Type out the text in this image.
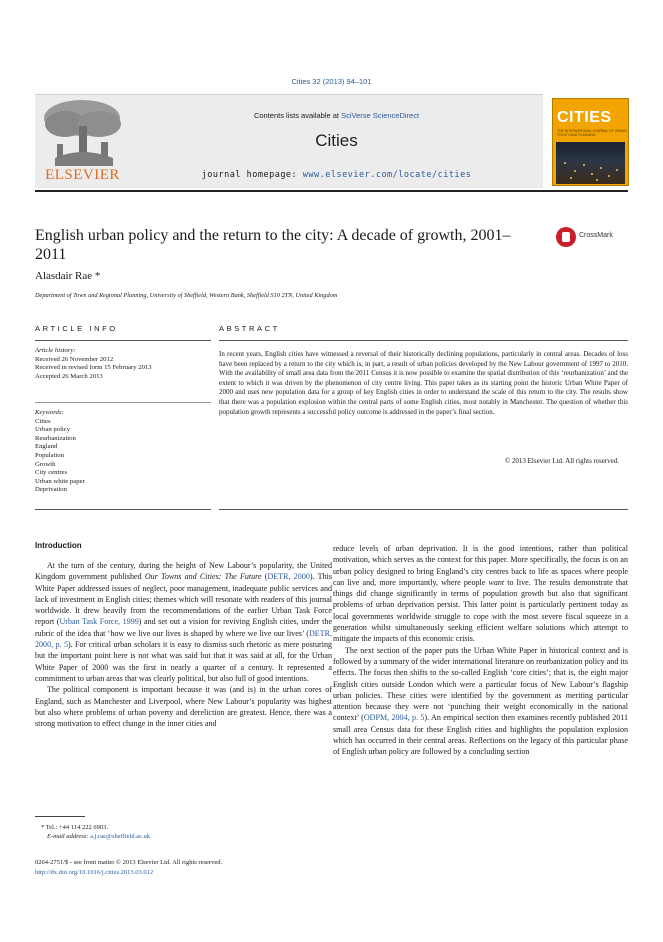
Cities 32 (2013) 94–101
ELSEVIER
Contents lists available at SciVerse ScienceDirect
Cities
journal homepage: www.elsevier.com/locate/cities
CITIES
THE INTERNATIONAL JOURNAL OF URBAN POLICY AND PLANNING
English urban policy and the return to the city: A decade of growth, 2001–2011
CrossMark
Alasdair Rae *
Department of Town and Regional Planning, University of Sheffield, Western Bank, Sheffield S10 2TN, United Kingdom
ARTICLE INFO	ABSTRACT
Article history:
Received 26 November 2012
Received in revised form 15 February 2013
Accepted 26 March 2013
Keywords:
Cities
Urban policy
Reurbanization
England
Population
Growth
City centres
Urban white paper
Deprivation
In recent years, English cities have witnessed a reversal of their historically declining populations, particularly in central areas. Decades of loss have been replaced by a return to the city which is, in part, a result of urban policies developed by the New Labour government of 1997 to 2010. With the availability of small area data from the 2011 Census it is now possible to examine the spatial distribution of this ‘reurbanization’ and the extent to which it was driven by the phenomenon of city centre living. This paper takes as its starting point the historic Urban White Paper of 2000 and uses new population data for a group of key English cities in order to understand the scale of this return to the city. The results show that there was a population explosion within the central parts of some English cities, most notably in Manchester. The question of whether this population growth represents a successful policy outcome is addressed in the paper’s final section.
© 2013 Elsevier Ltd. All rights reserved.
Introduction

At the turn of the century, during the height of New Labour’s popularity, the United Kingdom government published Our Towns and Cities: The Future (DETR, 2000). This White Paper addressed issues of neglect, poor management, inadequate public services and lack of investment in English cities; themes which will resonate with readers of this journal worldwide. It drew heavily from the recommendations of the earlier Urban Task Force report (Urban Task Force, 1999) and set out a vision for reviving English cities, under the rubric of the idea that ‘how we live our lives is shaped by where we live our lives’ (DETR, 2000, p. 5). For critical urban scholars it is easy to dismiss such rhetoric as mere posturing but the important point here is not what was said but that it was said at all, for the Urban White Paper of 2000 was the first in nearly a quarter of a century. It represented a commitment to urban areas that was clearly political, but also full of good intentions.

The political component is important because it was (and is) in the urban cores of England, such as Manchester and Liverpool, where New Labour’s popularity was highest but also where problems of urban poverty and dereliction are greatest. Hence, there was a strong motivation to effect change in the inner cities and

reduce levels of urban deprivation. It is the good intentions, rather than political motivation, which serves as the context for this paper. More specifically, the focus is on an urban policy designed to bring England’s city centres back to life as spaces where people can live and, more importantly, where people want to live. The results demonstrate that things did change significantly in terms of population growth but also that significant problems of urban deprivation persist. This latter point is particularly pertinent today as local governments worldwide struggle to cope with the most severe fiscal squeeze in a generation whilst simultaneously seeking efficient welfare solutions which attempt to mitigate the impacts of this economic crisis.

The next section of the paper puts the Urban White Paper in historical context and is followed by a summary of the wider international literature on reurbanization policy and its effects. The focus then shifts to the so-called English ‘core cities’; that is, the eight major English cities outside London which were a particular focus of New Labour’s flagship urban policies. These cities were identified by the government as meriting particular attention because they were not ‘punching their weight economically in the national context’ (ODPM, 2004, p. 5). An empirical section then examines recently published 2011 small area Census data for these English cities and highlights the population explosion which has occurred in their central areas. Reflections on the legacy of this particular phase of English urban policy are followed by a concluding section

* Tel.: +44 114 222 6903.
E-mail address: a.j.rae@sheffield.ac.uk
0264-2751/$ - see front matter © 2013 Elsevier Ltd. All rights reserved.
http://dx.doi.org/10.1016/j.cities.2013.03.012
